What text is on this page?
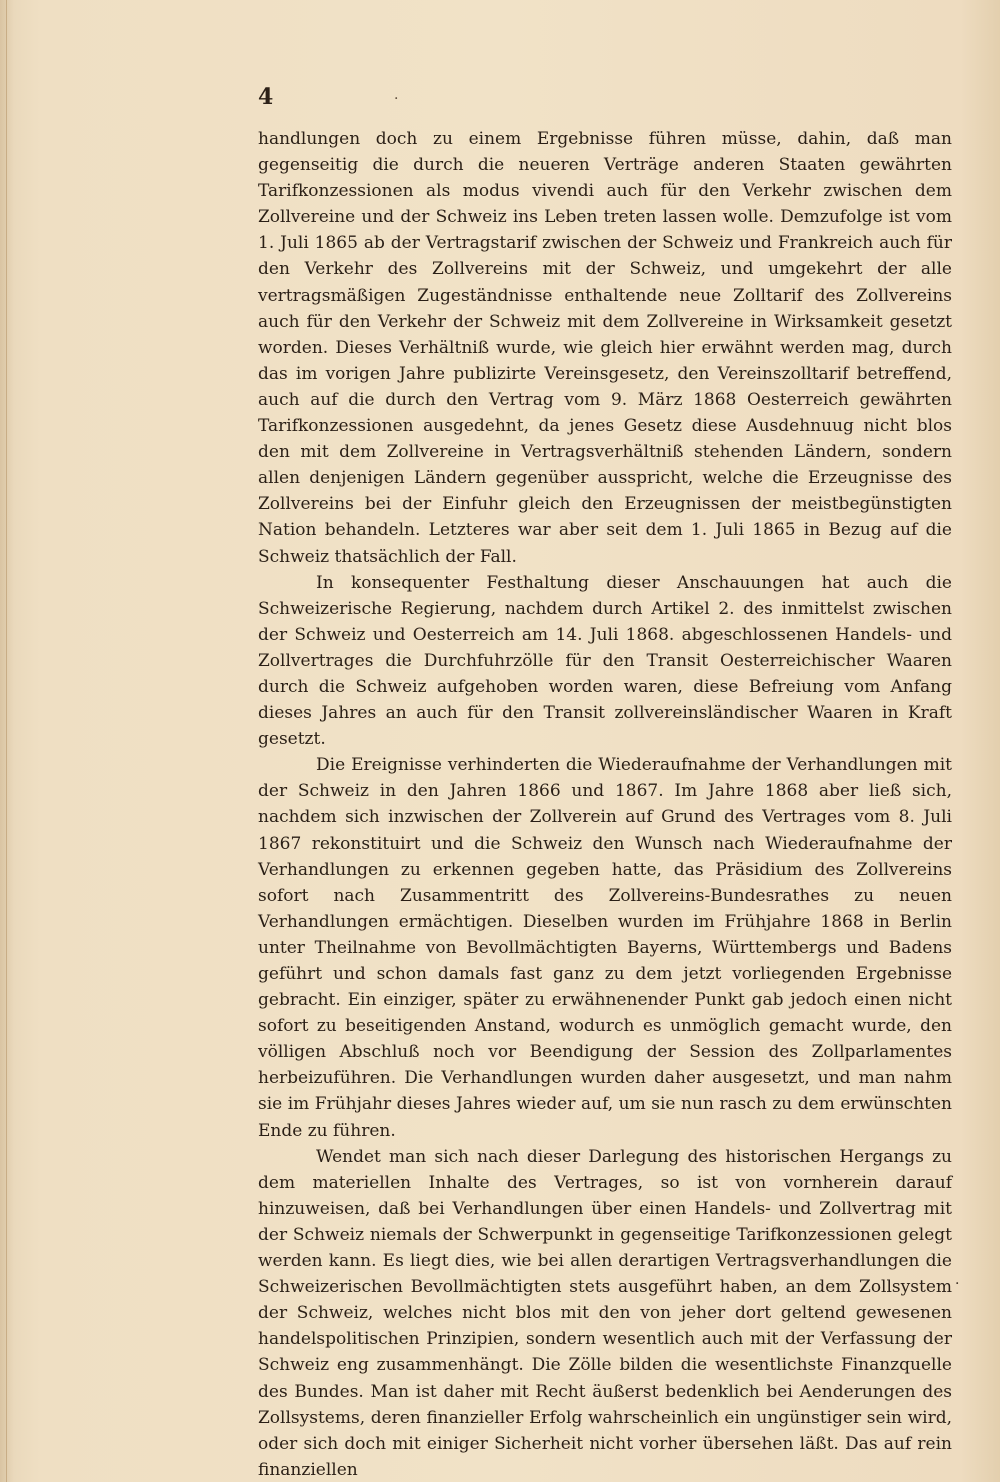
4	·

handlungen doch zu einem Ergebnisse führen müsse, dahin, daß man gegenseitig die durch die neueren Verträge anderen Staaten gewährten Tarifkonzessionen als modus vivendi auch für den Verkehr zwischen dem Zollvereine und der Schweiz ins Leben treten lassen wolle. Demzufolge ist vom 1. Juli 1865 ab der Vertragstarif zwischen der Schweiz und Frankreich auch für den Verkehr des Zollvereins mit der Schweiz, und umgekehrt der alle vertragsmäßigen Zugeständnisse enthaltende neue Zolltarif des Zollvereins auch für den Verkehr der Schweiz mit dem Zollvereine in Wirksamkeit gesetzt worden. Dieses Verhältniß wurde, wie gleich hier erwähnt werden mag, durch das im vorigen Jahre publizirte Vereinsgesetz, den Vereinszolltarif betreffend, auch auf die durch den Vertrag vom 9. März 1868 Oesterreich gewährten Tarifkonzessionen ausgedehnt, da jenes Gesetz diese Ausdehnuug nicht blos den mit dem Zollvereine in Vertragsverhältniß stehenden Ländern, sondern allen denjenigen Ländern gegenüber ausspricht, welche die Erzeugnisse des Zollvereins bei der Einfuhr gleich den Erzeugnissen der meistbegünstigten Nation behandeln. Letzteres war aber seit dem 1. Juli 1865 in Bezug auf die Schweiz thatsächlich der Fall.

In konsequenter Festhaltung dieser Anschauungen hat auch die Schweizerische Regierung, nachdem durch Artikel 2. des inmittelst zwischen der Schweiz und Oesterreich am 14. Juli 1868. abgeschlossenen Handels- und Zollvertrages die Durchfuhrzölle für den Transit Oesterreichischer Waaren durch die Schweiz aufgehoben worden waren, diese Befreiung vom Anfang dieses Jahres an auch für den Transit zollvereinsländischer Waaren in Kraft gesetzt.

Die Ereignisse verhinderten die Wiederaufnahme der Verhandlungen mit der Schweiz in den Jahren 1866 und 1867. Im Jahre 1868 aber ließ sich, nachdem sich inzwischen der Zollverein auf Grund des Vertrages vom 8. Juli 1867 rekonstituirt und die Schweiz den Wunsch nach Wiederaufnahme der Verhandlungen zu erkennen gegeben hatte, das Präsidium des Zollvereins sofort nach Zusammentritt des Zollvereins-Bundesrathes zu neuen Verhandlungen ermächtigen. Dieselben wurden im Frühjahre 1868 in Berlin unter Theilnahme von Bevollmächtigten Bayerns, Württembergs und Badens geführt und schon damals fast ganz zu dem jetzt vorliegenden Ergebnisse gebracht. Ein einziger, später zu erwähnenender Punkt gab jedoch einen nicht sofort zu beseitigenden Anstand, wodurch es unmöglich gemacht wurde, den völligen Abschluß noch vor Beendigung der Session des Zollparlamentes herbeizuführen. Die Verhandlungen wurden daher ausgesetzt, und man nahm sie im Frühjahr dieses Jahres wieder auf, um sie nun rasch zu dem erwünschten Ende zu führen.

Wendet man sich nach dieser Darlegung des historischen Hergangs zu dem materiellen Inhalte des Vertrages, so ist von vornherein darauf hinzuweisen, daß bei Verhandlungen über einen Handels- und Zollvertrag mit der Schweiz niemals der Schwerpunkt in gegenseitige Tarifkonzessionen gelegt werden kann. Es liegt dies, wie bei allen derartigen Vertragsverhandlungen die Schweizerischen Bevollmächtigten stets ausgeführt haben, an dem Zollsystem der Schweiz, welches nicht blos mit den von jeher dort geltend gewesenen handelspolitischen Prinzipien, sondern wesentlich auch mit der Verfassung der Schweiz eng zusammenhängt. Die Zölle bilden die wesentlichste Finanzquelle des Bundes. Man ist daher mit Recht äußerst bedenklich bei Aenderungen des Zollsystems, deren finanzieller Erfolg wahrscheinlich ein ungünstiger sein wird, oder sich doch mit einiger Sicherheit nicht vorher übersehen läßt. Das auf rein finanziellen

·
